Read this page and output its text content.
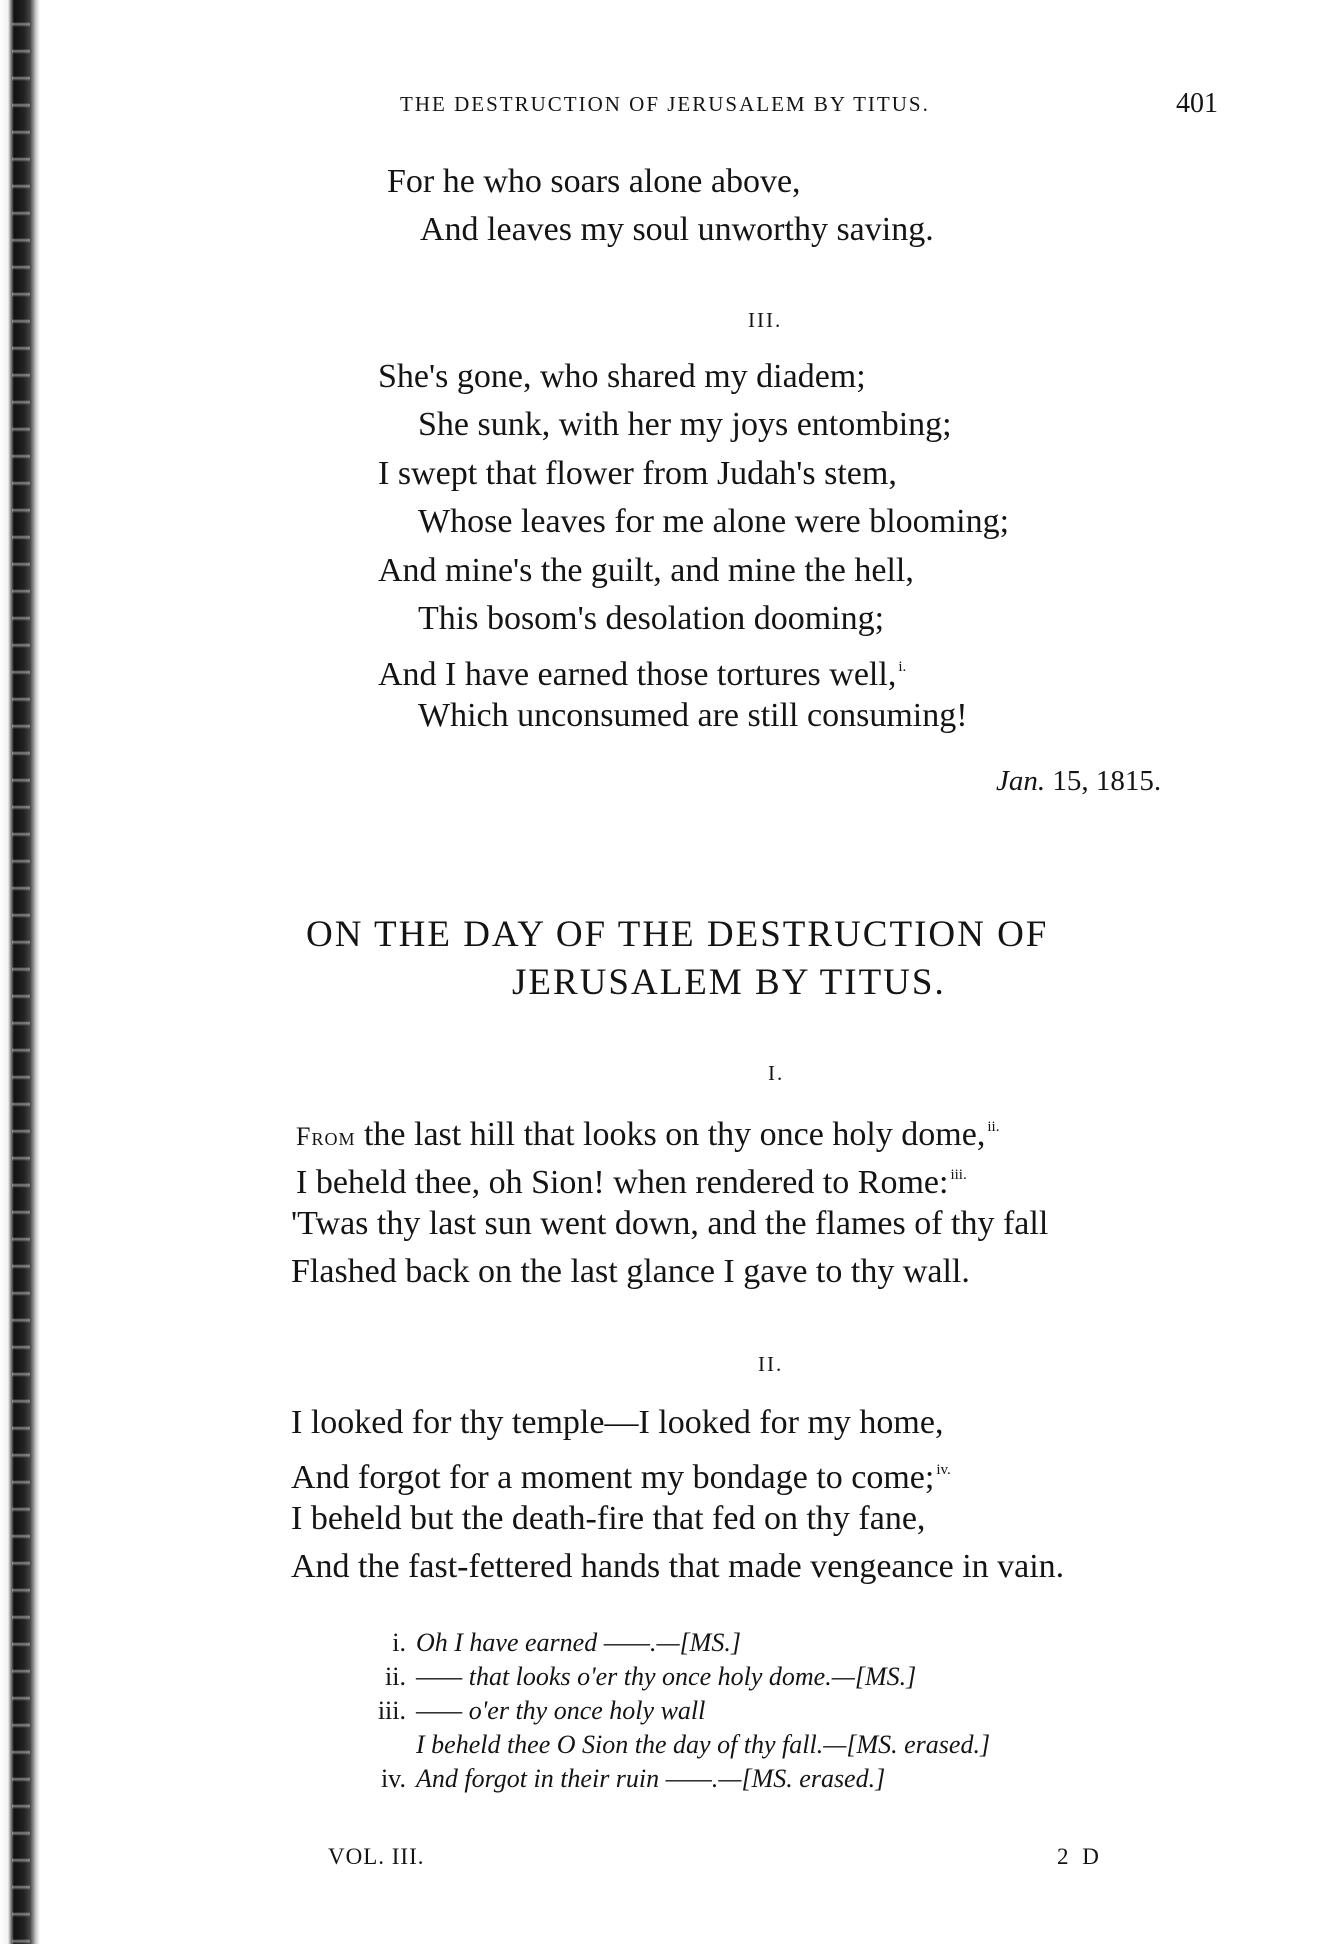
THE DESTRUCTION OF JERUSALEM BY TITUS.	401
For he who soars alone above,
And leaves my soul unworthy saving.
III.
She's gone, who shared my diadem;
She sunk, with her my joys entombing;
I swept that flower from Judah's stem,
Whose leaves for me alone were blooming;
And mine's the guilt, and mine the hell,
This bosom's desolation dooming;
And I have earned those tortures well, $^{i.}$
Which unconsumed are still consuming!
Jan. 15, 1815.
ON THE DAY OF THE DESTRUCTION OF
JERUSALEM BY TITUS.
I.
From the last hill that looks on thy once holy dome, $^{ii.}$
I beheld thee, oh Sion! when rendered to Rome: $^{iii.}$
'Twas thy last sun went down, and the flames of thy fall
Flashed back on the last glance I gave to thy wall.
II.
I looked for thy temple—I looked for my home,
And forgot for a moment my bondage to come; $^{iv.}$
I beheld but the death-fire that fed on thy fane,
And the fast-fettered hands that made vengeance in vain.
i. Oh I have earned ——.—[MS.]
ii. —— that looks o'er thy once holy dome.—[MS.]
iii. —— o'er thy once holy wall
I beheld thee O Sion the day of thy fall.—[MS. erased.]
iv. And forgot in their ruin ——.—[MS. erased.]
VOL. III.	2 D
